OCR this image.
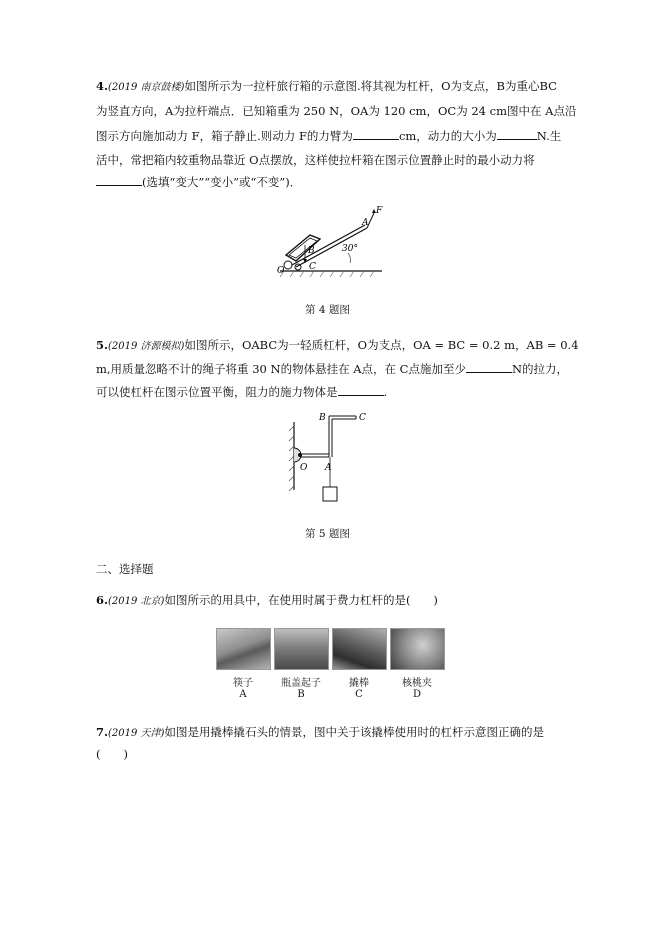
4.(2019 南京鼓楼)如图所示为一拉杆旅行箱的示意图.将其视为杠杆，O为支点，B为重心BC
为竖直方向，A为拉杆端点．已知箱重为 250 N，OA为 120 cm，OC为 24 cm图中在 A点沿
图示方向施加动力 F，箱子静止.则动力 F的力臂为	cm，动力的大小为	N.生
活中，常把箱内较重物品靠近 O点摆放，这样使拉杆箱在图示位置静止时的最小动力将
(选填“变大”“变小”或“不变”)．
F
A
B
O	C
30°
第 4 题图
5.(2019 济源模拟)如图所示，OABC为一轻质杠杆，O为支点，OA = BC = 0.2 m，AB = 0.4
m,用质量忽略不计的绳子将重 30 N的物体悬挂在 A点，在 C点施加至少	N的拉力，
可以使杠杆在图示位置平衡，阻力的施力物体是	.
B	C
O A
第 5 题图
二、选择题
6.(2019 北京)如图所示的用具中，在使用时属于费力杠杆的是(　　)
筷子
A
瓶盖起子
B
撬棒
C
核桃夹
D
7.(2019 天津)如图是用撬棒撬石头的情景，图中关于该撬棒使用时的杠杆示意图正确的是
(　　)
